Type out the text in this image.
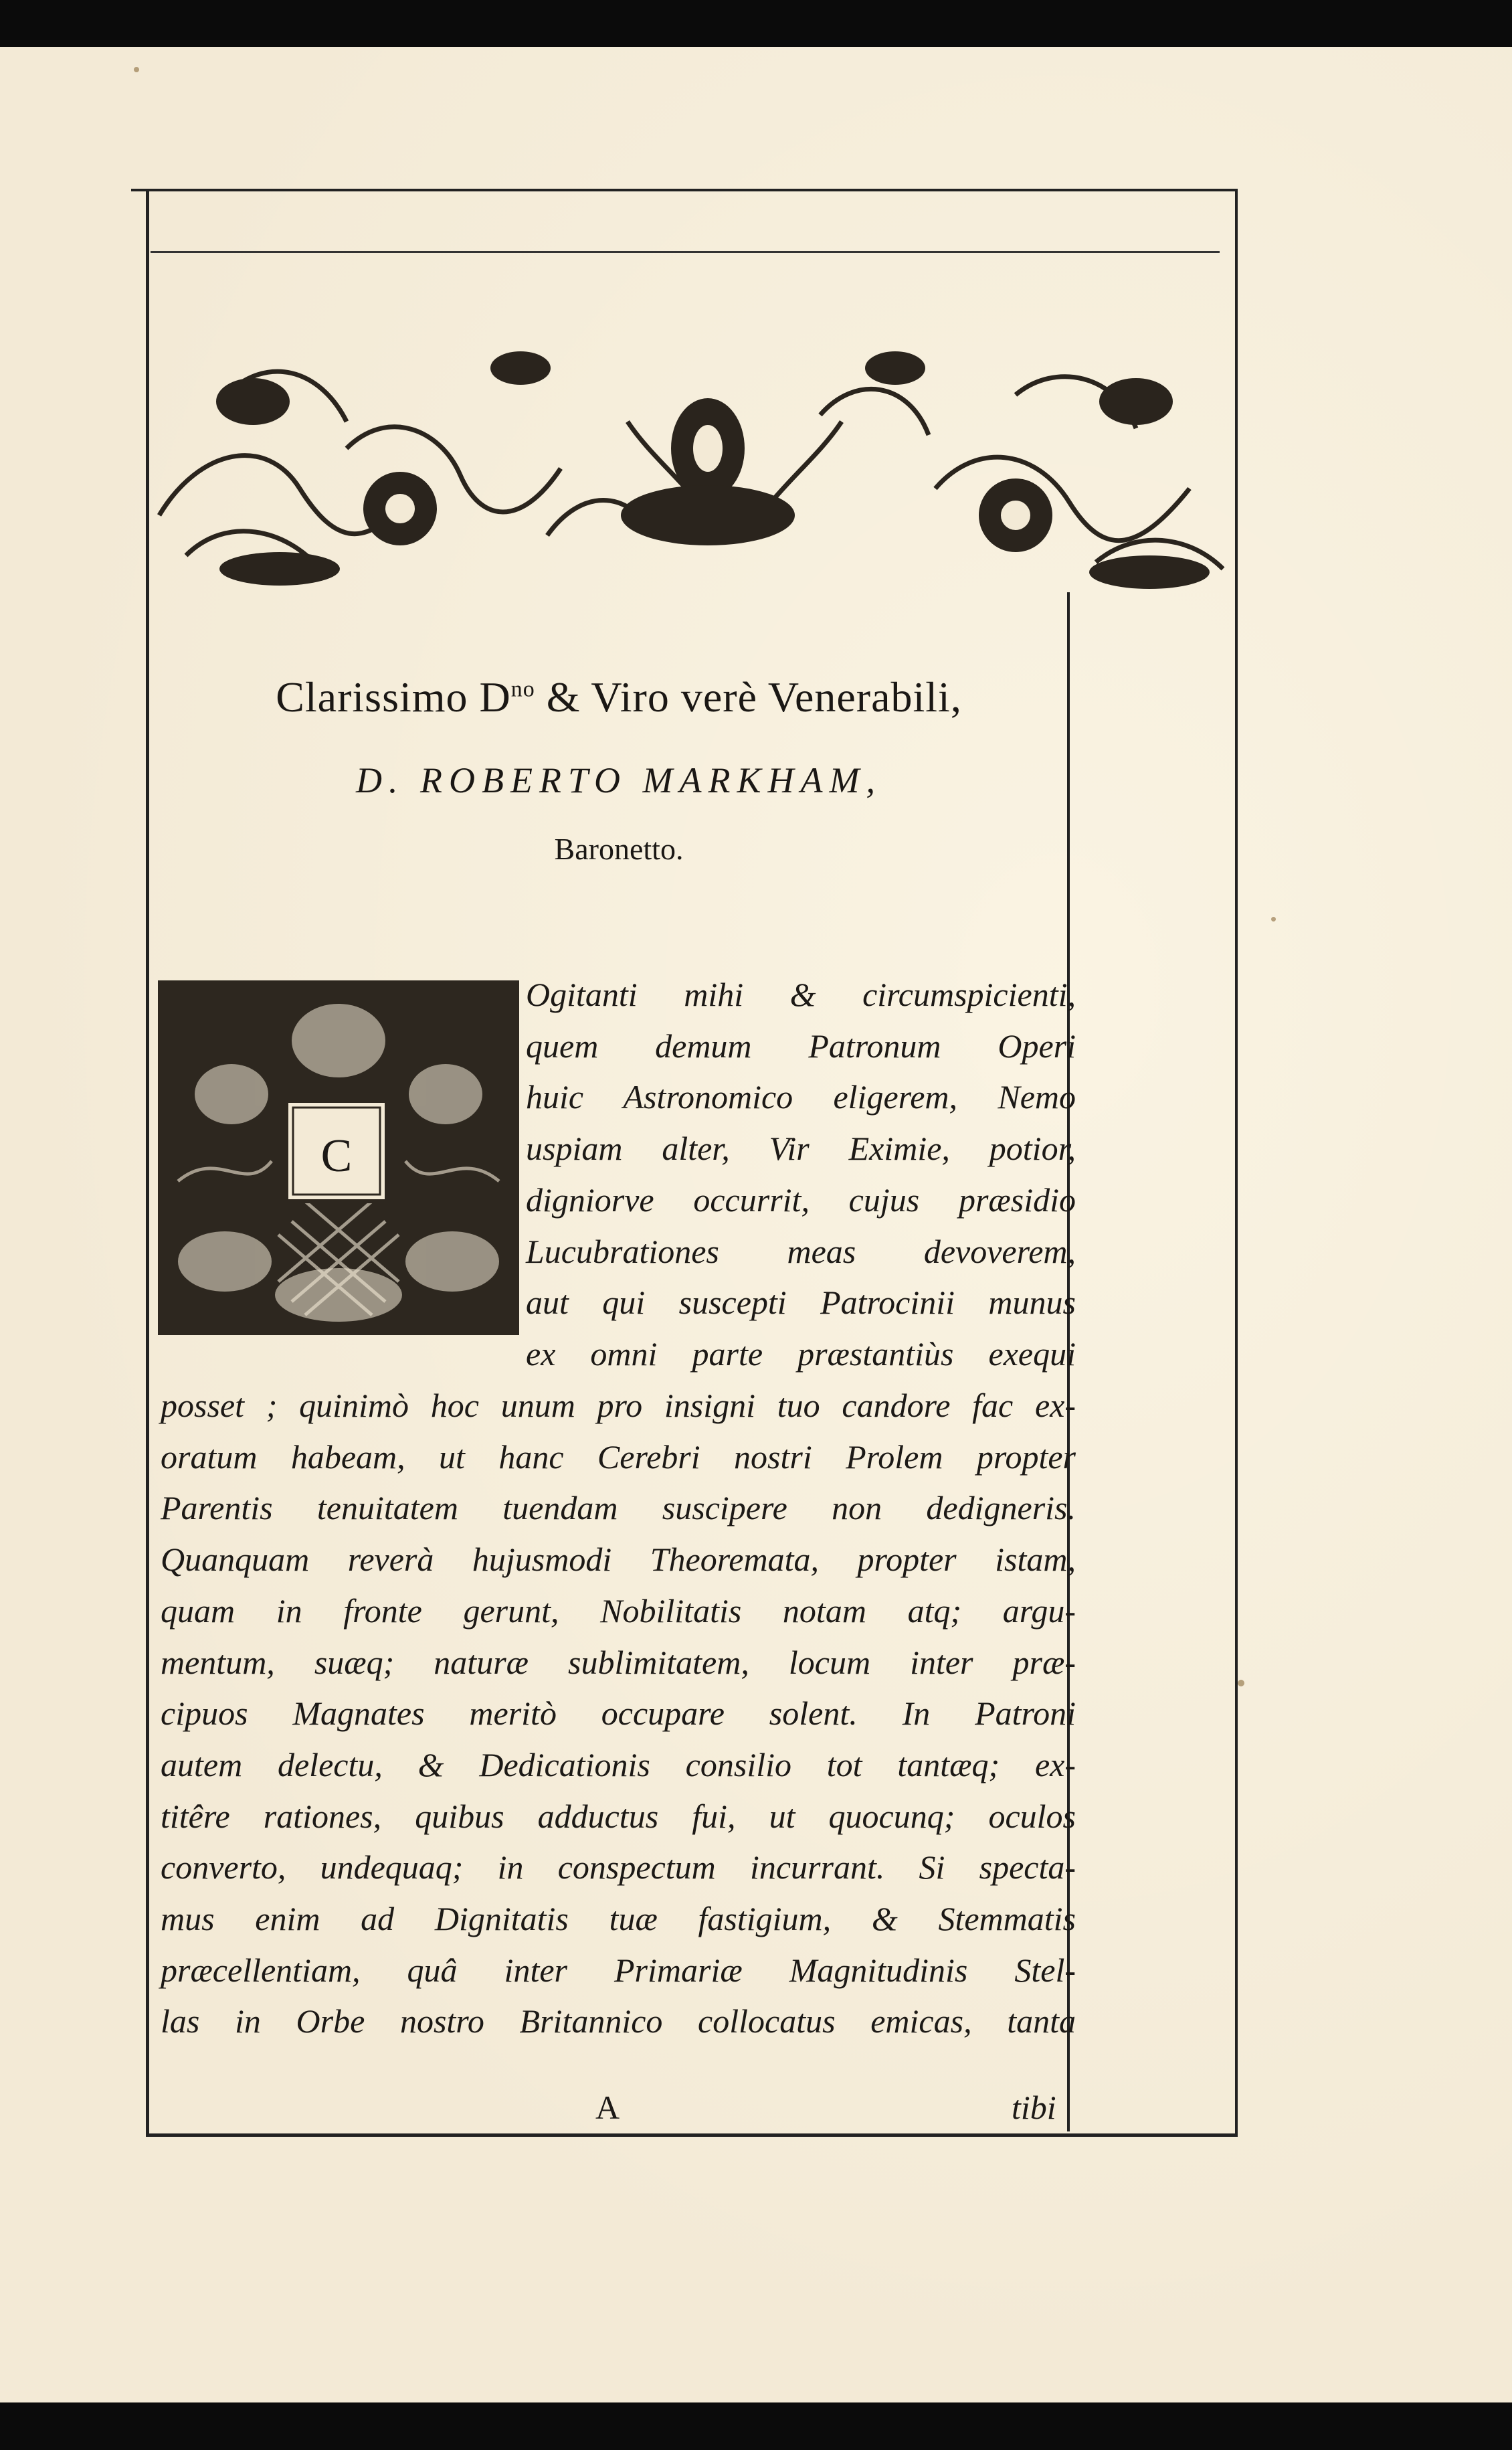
Clarissimo $D^{no}$ & Viro verè Venerabili,
D. ROBERTO MARKHAM,
Baronetto.
C
Ogitanti mihi & circumspicienti,
quem demum Patronum Operi
huic Astronomico eligerem, Nemo
uspiam alter, Vir Eximie, potior,
digniorve occurrit, cujus præsidio
Lucubrationes meas devoverem,
aut qui suscepti Patrocinii munus
ex omni parte præstantiùs exequi
posset ; quinimò hoc unum pro insigni tuo candore fac ex-
oratum habeam, ut hanc Cerebri nostri Prolem propter
Parentis tenuitatem tuendam suscipere non dedigneris.
Quanquam reverà hujusmodi Theoremata, propter istam,
quam in fronte gerunt, Nobilitatis notam atq; argu-
mentum, suæq; naturæ sublimitatem, locum inter præ-
cipuos Magnates meritò occupare solent. In Patroni
autem delectu, & Dedicationis consilio tot tantæq; ex-
titêre rationes, quibus adductus fui, ut quocunq; oculos
converto, undequaq; in conspectum incurrant. Si specta-
mus enim ad Dignitatis tuæ fastigium, & Stemmatis
præcellentiam, quâ inter Primariæ Magnitudinis Stel-
las in Orbe nostro Britannico collocatus emicas, tanta
A	tibi
